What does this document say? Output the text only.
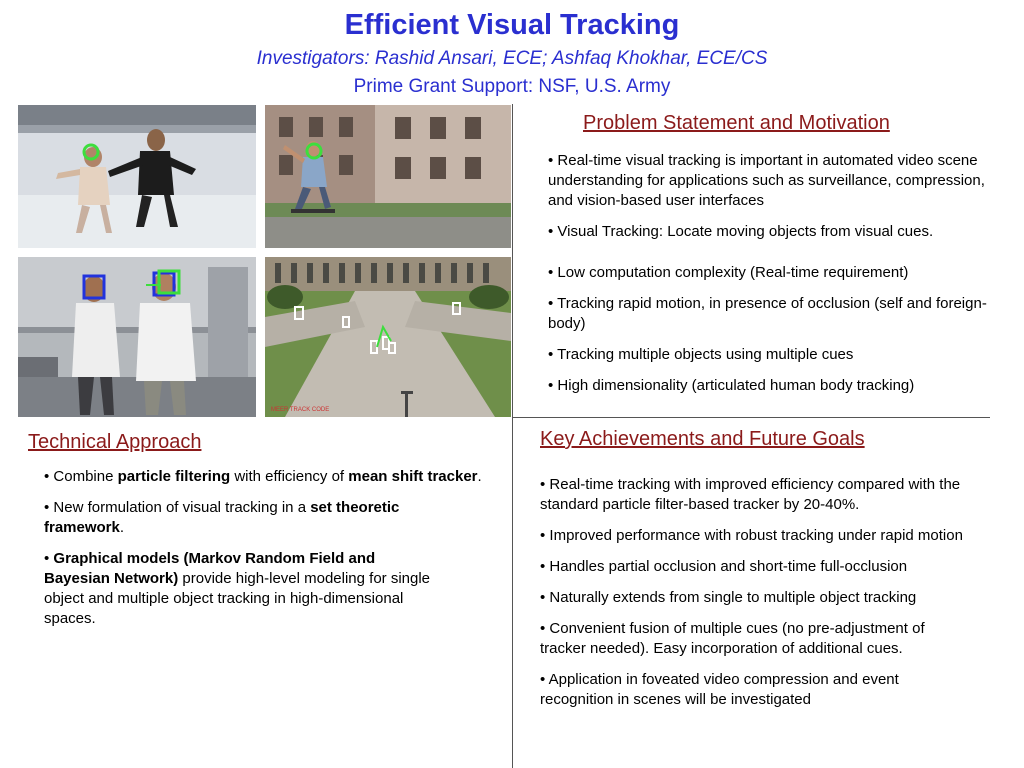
Efficient Visual Tracking
Investigators: Rashid Ansari, ECE; Ashfaq Khokhar, ECE/CS
Prime Grant Support: NSF, U.S. Army
MEER TRACK CODE
Problem Statement and Motivation

• Real-time visual tracking is important in automated video scene understanding for applications such as surveillance, compression, and vision-based user interfaces

• Visual Tracking: Locate moving objects from visual cues.

• Low computation complexity (Real-time requirement)

• Tracking rapid motion, in presence of occlusion (self and foreign-body)

• Tracking multiple objects using multiple cues

• High dimensionality (articulated human body tracking)

Technical Approach

• Combine particle filtering with efficiency of mean shift tracker.

• New formulation of visual tracking in a set theoretic framework.

• Graphical models (Markov Random Field and Bayesian Network) provide high-level modeling for single object and multiple object tracking in high-dimensional spaces.

Key Achievements and Future Goals

• Real-time tracking with improved efficiency compared with the standard particle filter-based tracker by 20-40%.

• Improved performance with robust tracking under rapid motion

• Handles partial occlusion and short-time full-occlusion

• Naturally extends from single to multiple object tracking

• Convenient fusion of multiple cues (no pre-adjustment of tracker needed). Easy incorporation of additional cues.

• Application in foveated video compression and event recognition in scenes will be investigated
